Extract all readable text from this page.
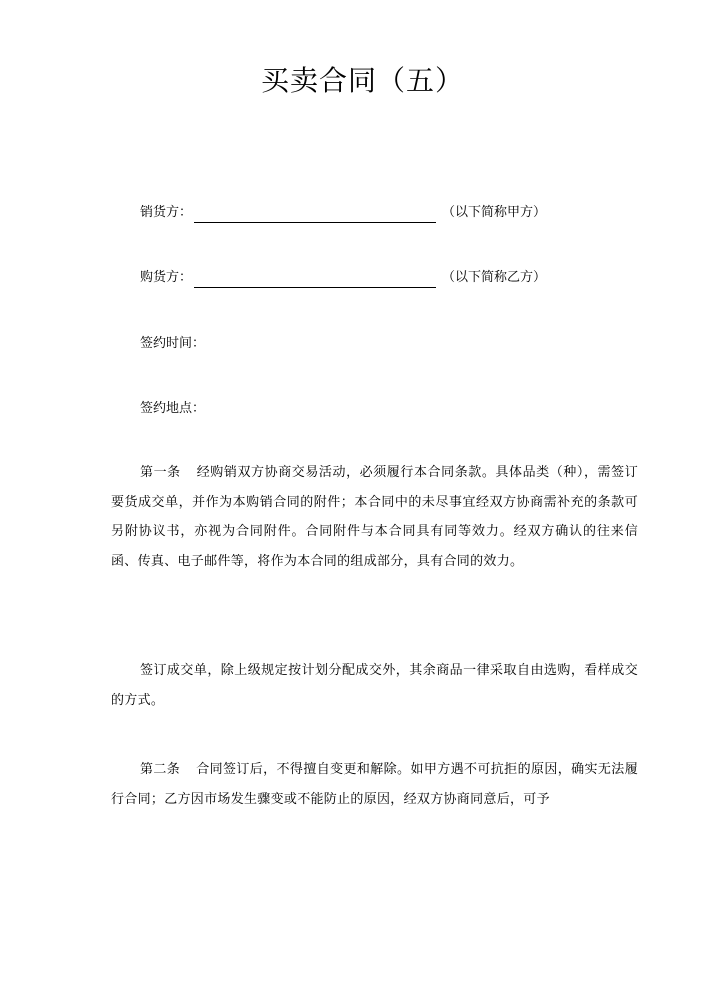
买卖合同（五）
销货方：	（以下简称甲方）
购货方：	（以下简称乙方）
签约时间：
签约地点：
第一条 经购销双方协商交易活动，必须履行本合同条款。具体品类（种），需签订要货成交单，并作为本购销合同的附件；本合同中的未尽事宜经双方协商需补充的条款可另附协议书，亦视为合同附件。合同附件与本合同具有同等效力。经双方确认的往来信函、传真、电子邮件等，将作为本合同的组成部分，具有合同的效力。
签订成交单，除上级规定按计划分配成交外，其余商品一律采取自由选购，看样成交的方式。
第二条 合同签订后，不得擅自变更和解除。如甲方遇不可抗拒的原因，确实无法履行合同；乙方因市场发生骤变或不能防止的原因，经双方协商同意后，可予
